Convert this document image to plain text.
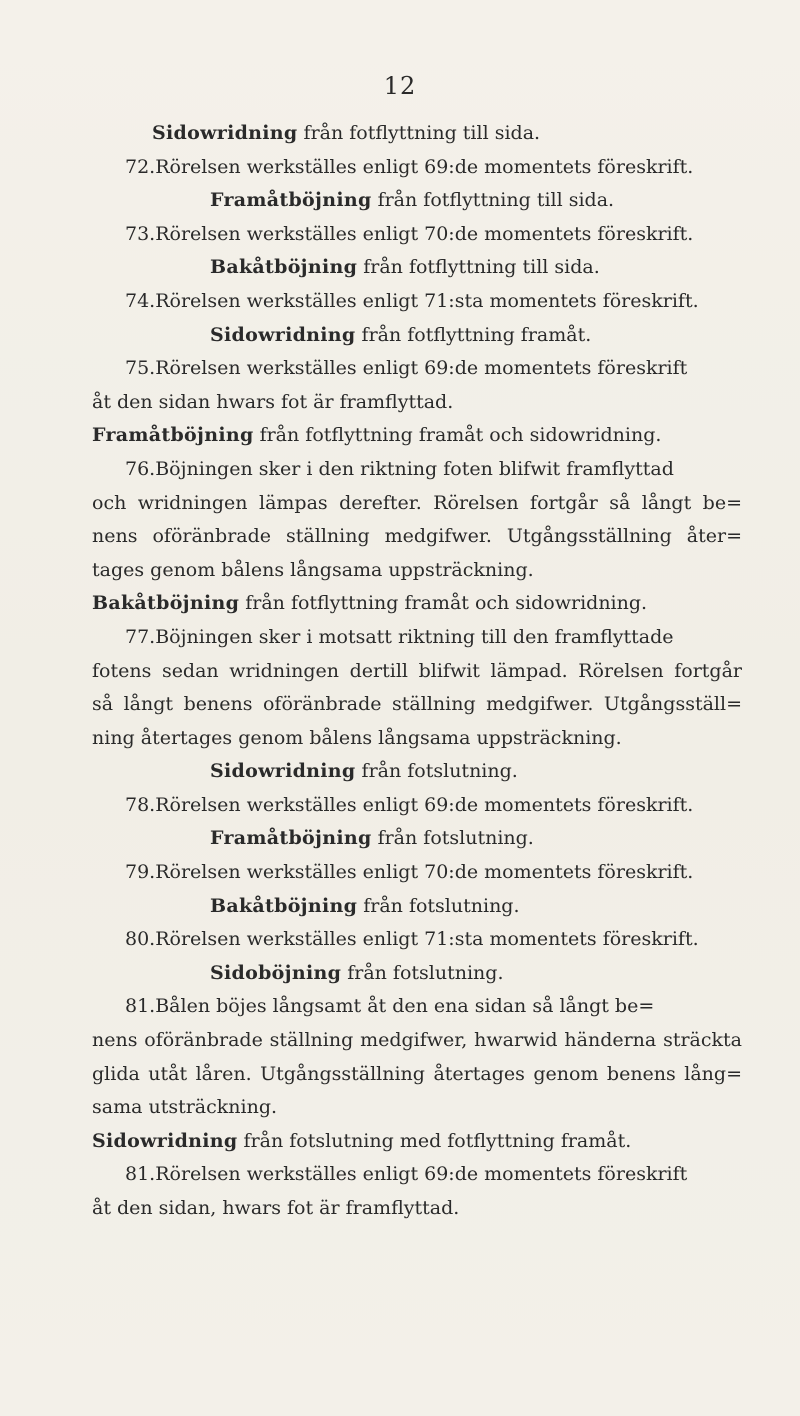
12
Sidowridning från fotflyttning till sida.
72.Rörelsen werkställes enligt 69:de momentets föreskrift.
Framåtböjning från fotflyttning till sida.
73.Rörelsen werkställes enligt 70:de momentets föreskrift.
Bakåtböjning från fotflyttning till sida.
74.Rörelsen werkställes enligt 71:sta momentets föreskrift.
Sidowridning från fotflyttning framåt.
75.Rörelsen werkställes enligt 69:de momentets föreskrift
åt den sidan hwars fot är framflyttad.
Framåtböjning från fotflyttning framåt och sidowridning.
76.Böjningen sker i den riktning foten blifwit framflyttad
och wridningen lämpas derefter. Rörelsen fortgår så långt be=
nens oföränbrade ställning medgifwer. Utgångsställning åter=
tages genom bålens långsama uppsträckning.
Bakåtböjning från fotflyttning framåt och sidowridning.
77.Böjningen sker i motsatt riktning till den framflyttade
fotens sedan wridningen dertill blifwit lämpad. Rörelsen fortgår
så långt benens oföränbrade ställning medgifwer. Utgångsställ=
ning återtages genom bålens långsama uppsträckning.
Sidowridning från fotslutning.
78.Rörelsen werkställes enligt 69:de momentets föreskrift.
Framåtböjning från fotslutning.
79.Rörelsen werkställes enligt 70:de momentets föreskrift.
Bakåtböjning från fotslutning.
80.Rörelsen werkställes enligt 71:sta momentets föreskrift.
Sidoböjning från fotslutning.
81.Bålen böjes långsamt åt den ena sidan så långt be=
nens oföränbrade ställning medgifwer, hwarwid händerna sträckta
glida utåt låren. Utgångsställning återtages genom benens lång=
sama utsträckning.
Sidowridning från fotslutning med fotflyttning framåt.
81.Rörelsen werkställes enligt 69:de momentets föreskrift
åt den sidan, hwars fot är framflyttad.
